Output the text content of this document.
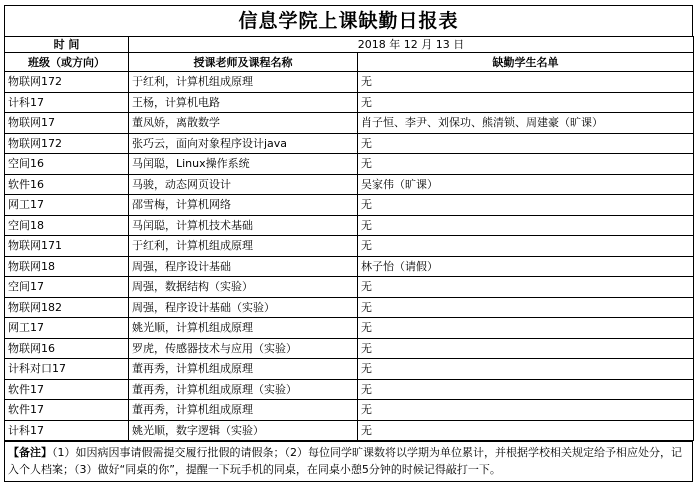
信息学院上课缺勤日报表
时 间	2018 年 12 月 13 日	
班级（或方向）	授课老师及课程名称	缺勤学生名单
物联网172	于红利，计算机组成原理	无
计科17	王杨，计算机电路	无
物联网17	董凤娇，离散数学	肖子恒、李尹、刘保功、熊清锁、周建豪（旷课）
物联网172	张巧云，面向对象程序设计java	无
空间16	马闰聪，Linux操作系统	无
软件16	马骏，动态网页设计	吴家伟（旷课）
网工17	邵雪梅，计算机网络	无
空间18	马闰聪，计算机技术基础	无
物联网171	于红利，计算机组成原理	无
物联网18	周强，程序设计基础	林子怡（请假）
空间17	周强，数据结构（实验）	无
物联网182	周强，程序设计基础（实验）	无
网工17	姚光顺，计算机组成原理	无
物联网16	罗虎，传感器技术与应用（实验）	无
计科对口17	董再秀，计算机组成原理	无
软件17	董再秀，计算机组成原理（实验）	无
软件17	董再秀，计算机组成原理	无
计科17	姚光顺，数字逻辑（实验）	无
【备注】（1）如因病因事请假需提交履行批假的请假条；（2）每位同学旷课数将以学期为单位累计，并根据学校相关规定给予相应处分，记入个人档案；（3）做好“同桌的你”，提醒一下玩手机的同桌，在同桌小憩5分钟的时候记得敲打一下。
